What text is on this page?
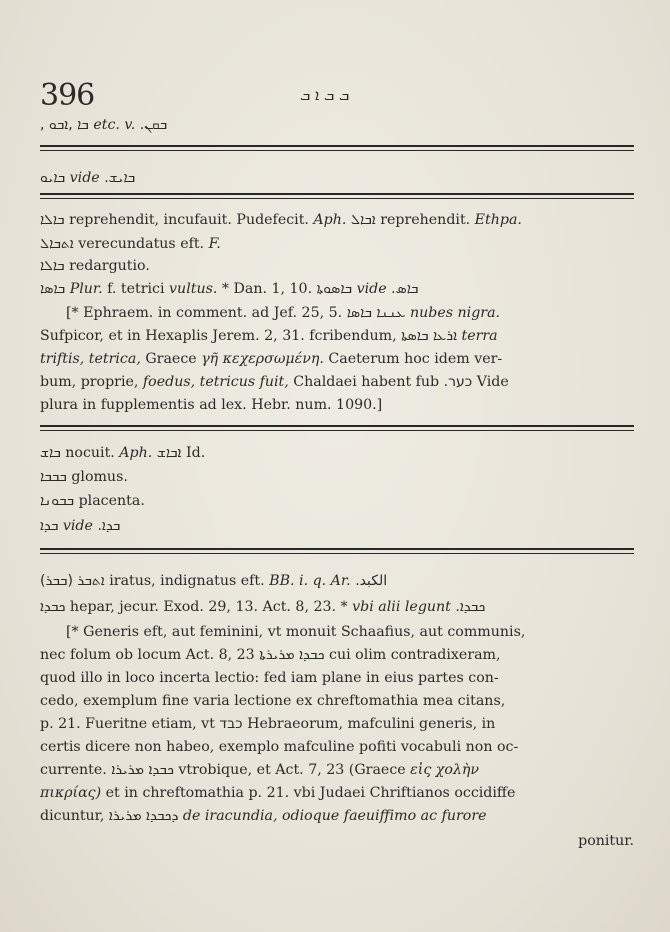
396	ܒ ܒ ܐ ܒ
ܐܒܘ ,ܒܐ , etc. v. ܒܩܢ.
ܒܐܝܘ vide ܒܐܝܫ.
ܒܐܠܐ reprehendit, incufauit. Pudefecit. Aph. ܐܒܐܠ reprehendit. Ethpa.
ܐܬܒܐܠ verecundatus eft. F.
ܒܐܠܐ redargutio.
ܒܐܣܐ Plur. f. tetrici vultus. * Dan. 1, 10. ܒܐܣܘܬܐ vide ܒܐܣ.
[* Ephraem. in comment. ad Jef. 25, 5. ܥܢܢܐ ܒܐܣܐ nubes nigra.
Sufpicor, et in Hexaplis Jerem. 2, 31. fcribendum, ܐܪܥܐ ܒܐܣܬܐ terra
triftis, tetrica, Graece γῆ κεχερσωμένη. Caeterum hoc idem ver-
bum, proprie, foedus, tetricus fuit, Chaldaei habent fub כער. Vide
plura in fupplementis ad lex. Hebr. num. 1090.]
ܒܐܫ nocuit. Aph. ܐܒܐܫ Id.
ܒܒܒܐ glomus.
ܒܒܘܢܐ placenta.
ܒܕܐ vide ܒܕܐ.
(ܒܒܪ) ܐܬܒܪ iratus, indignatus eft. BB. i. q. Ar. الكبد.
ܟܒܕܐ hepar, jecur. Exod. 29, 13. Act. 8, 23. * vbi alii legunt ܟܒܕܐ.
[* Generis eft, aut feminini, vt monuit Schaafius, aut communis,
nec folum ob locum Act. 8, 23 ܟܒܕܐ ܡܪܝܪܬܐ cui olim contradixeram,
quod illo in loco incerta lectio: fed iam plane in eius partes con-
cedo, exemplum fine varia lectione ex chreftomathia mea citans,
p. 21. Fueritne etiam, vt כבד Hebraeorum, mafculini generis, in
certis dicere non habeo, exemplo mafculine pofiti vocabuli non oc-
currente. ܟܒܕܐ ܡܪܝܪܐ vtrobique, et Act. 7, 23 (Graece εἰς χολὴν
πικρίας) et in chreftomathia p. 21. vbi Judaei Chriftianos occidiffe
dicuntur, ܕܟܒܕܐ ܡܪܝܪܐ de iracundia, odioque faeuiffimo ac furore
ponitur.
